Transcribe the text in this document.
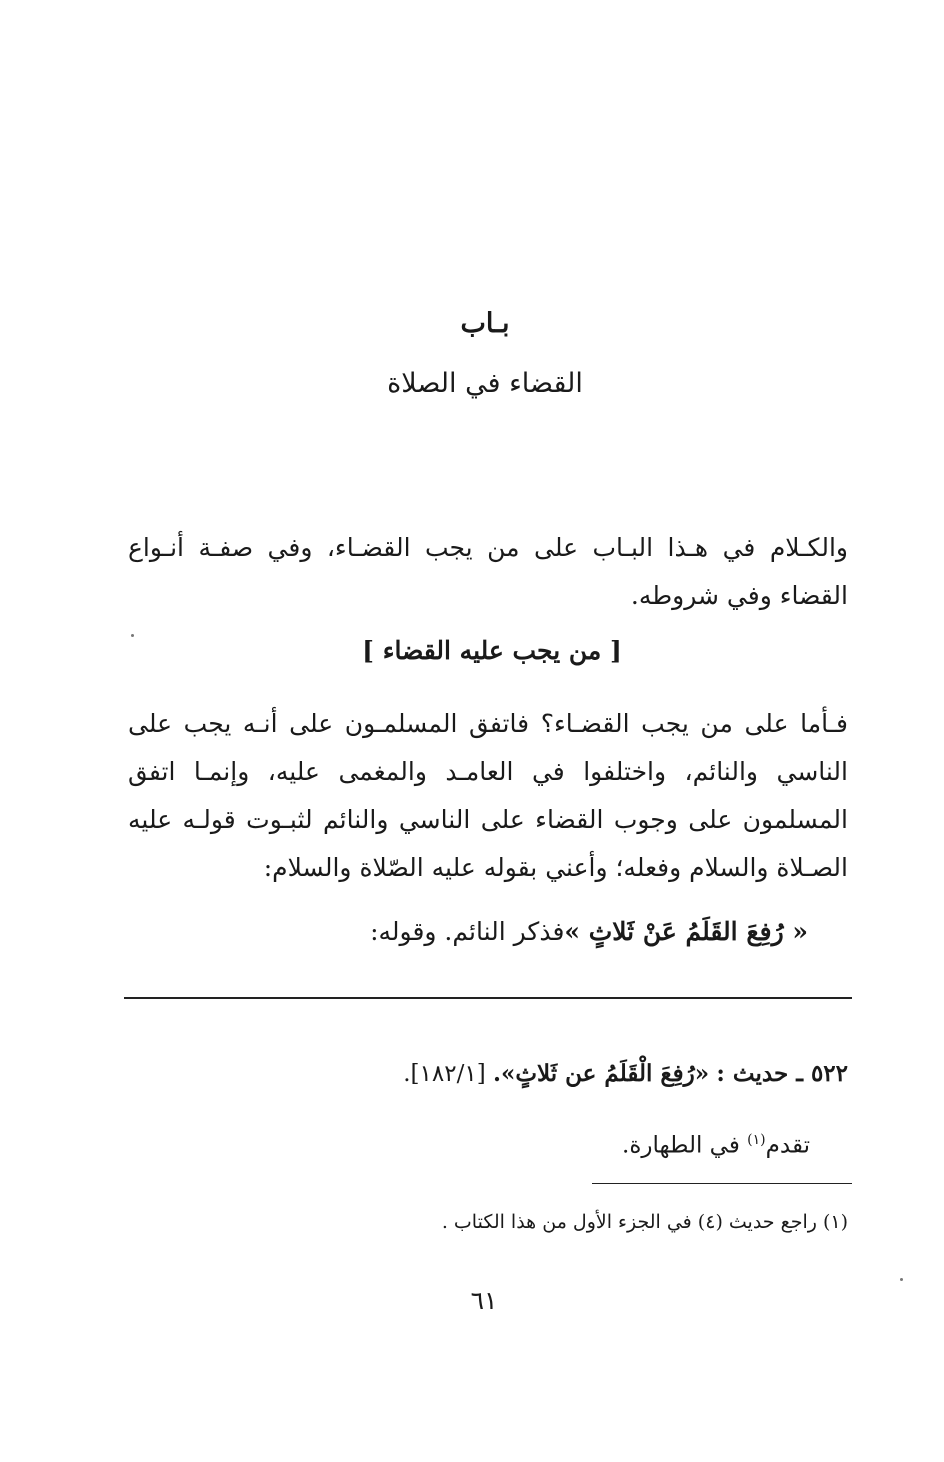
بـاب
القضاء في الصلاة

والكـلام في هـذا البـاب على من يجب القضـاء، وفي صفـة أنـواع القضاء وفي شروطه.

[ من يجب عليه القضاء ]

فـأما على من يجب القضـاء؟ فاتفق المسلمـون على أنـه يجب على الناسي والنائم، واختلفوا في العامـد والمغمى عليه، وإنمـا اتفق المسلمون على وجوب القضاء على الناسي والنائم لثبـوت قولـه عليه الصـلاة والسلام وفعله؛ وأعني بقوله عليه الصّلاة والسلام:

« رُفِعَ القَلَمُ عَنْ ثَلاثٍ »فذكر النائم. وقوله:

٥٢٢ ـ حديث : «رُفِعَ الْقَلَمُ عن ثَلاثٍ». [١٨٢/١].

تقدم$^{(١)}$ في الطهارة.

(١) راجع حديث (٤) في الجزء الأول من هذا الكتاب .

٦١
